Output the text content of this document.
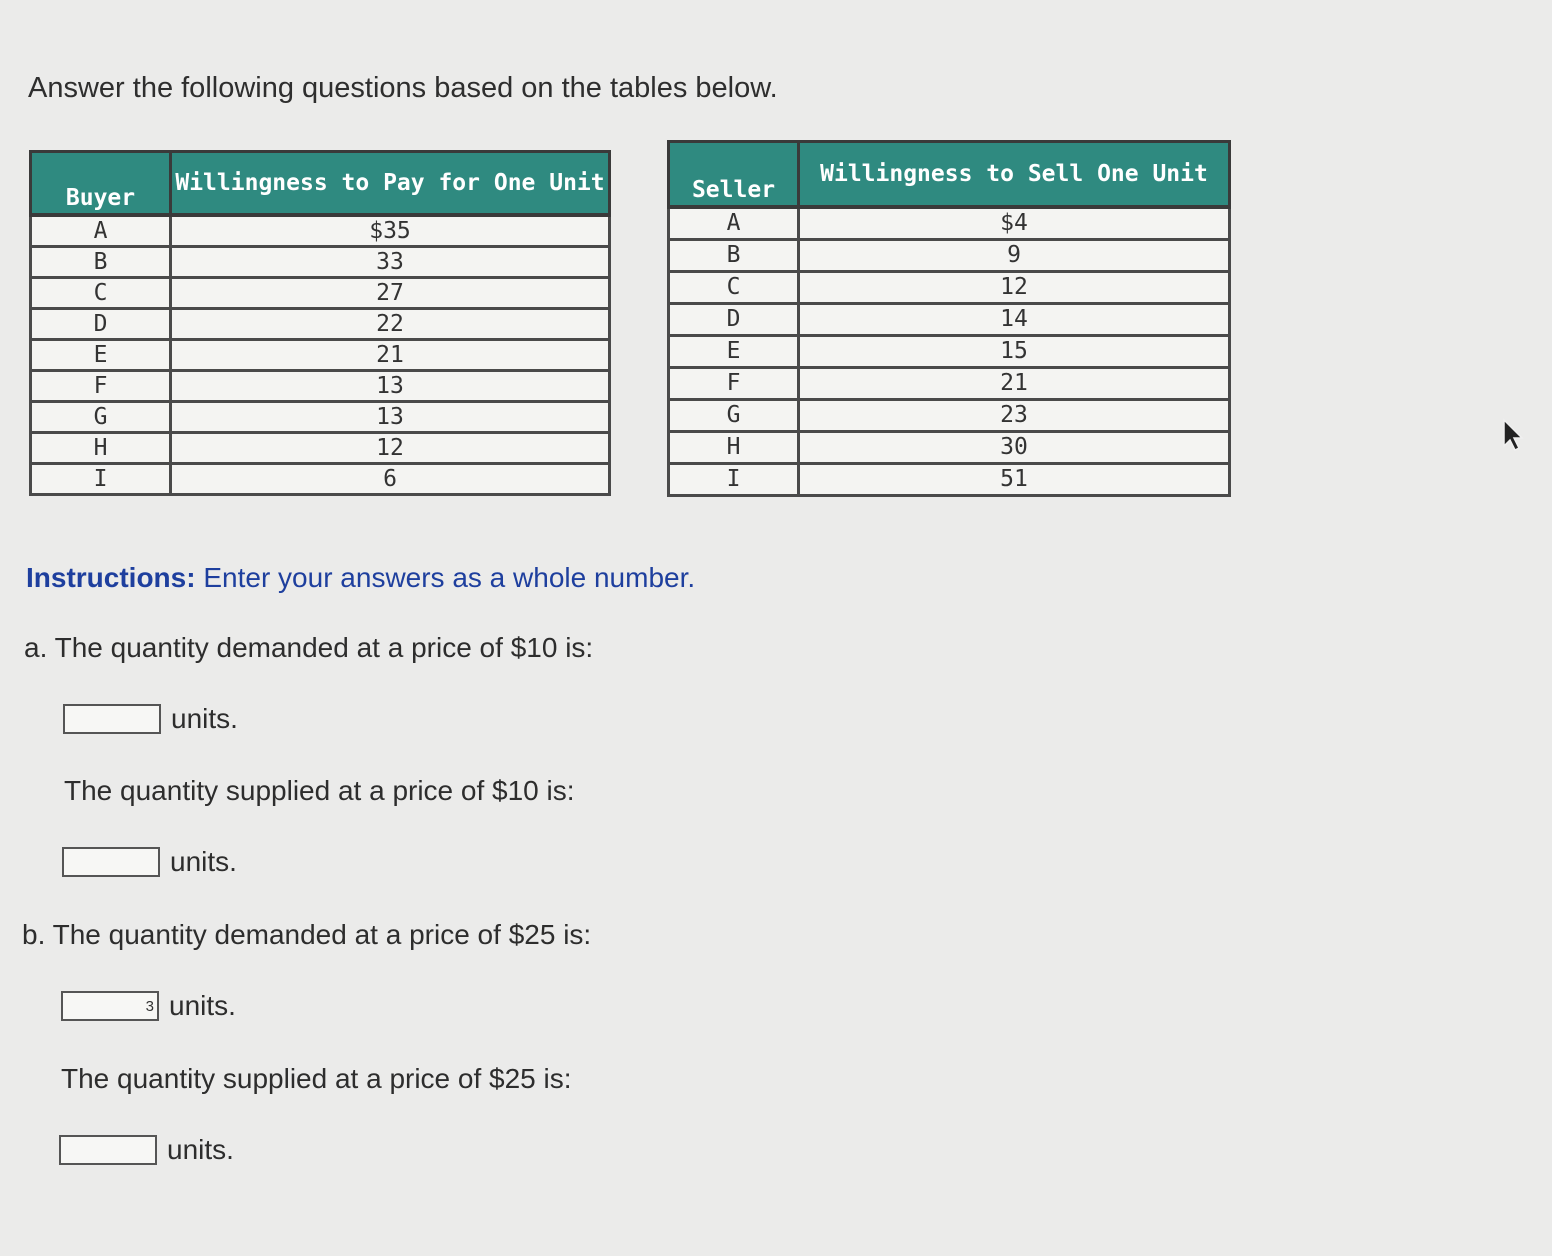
Answer the following questions based on the tables below.
Buyer	Willingness to Pay for One Unit
A	$35
B	33
C	27
D	22
E	21
F	13
G	13
H	12
I	6
Seller	Willingness to Sell One Unit
A	$4
B	9
C	12
D	14
E	15
F	21
G	23
H	30
I	51
Instructions: Enter your answers as a whole number.
a. The quantity demanded at a price of $10 is:
units.
The quantity supplied at a price of $10 is:
units.
b. The quantity demanded at a price of $25 is:
3
units.
The quantity supplied at a price of $25 is:
units.
